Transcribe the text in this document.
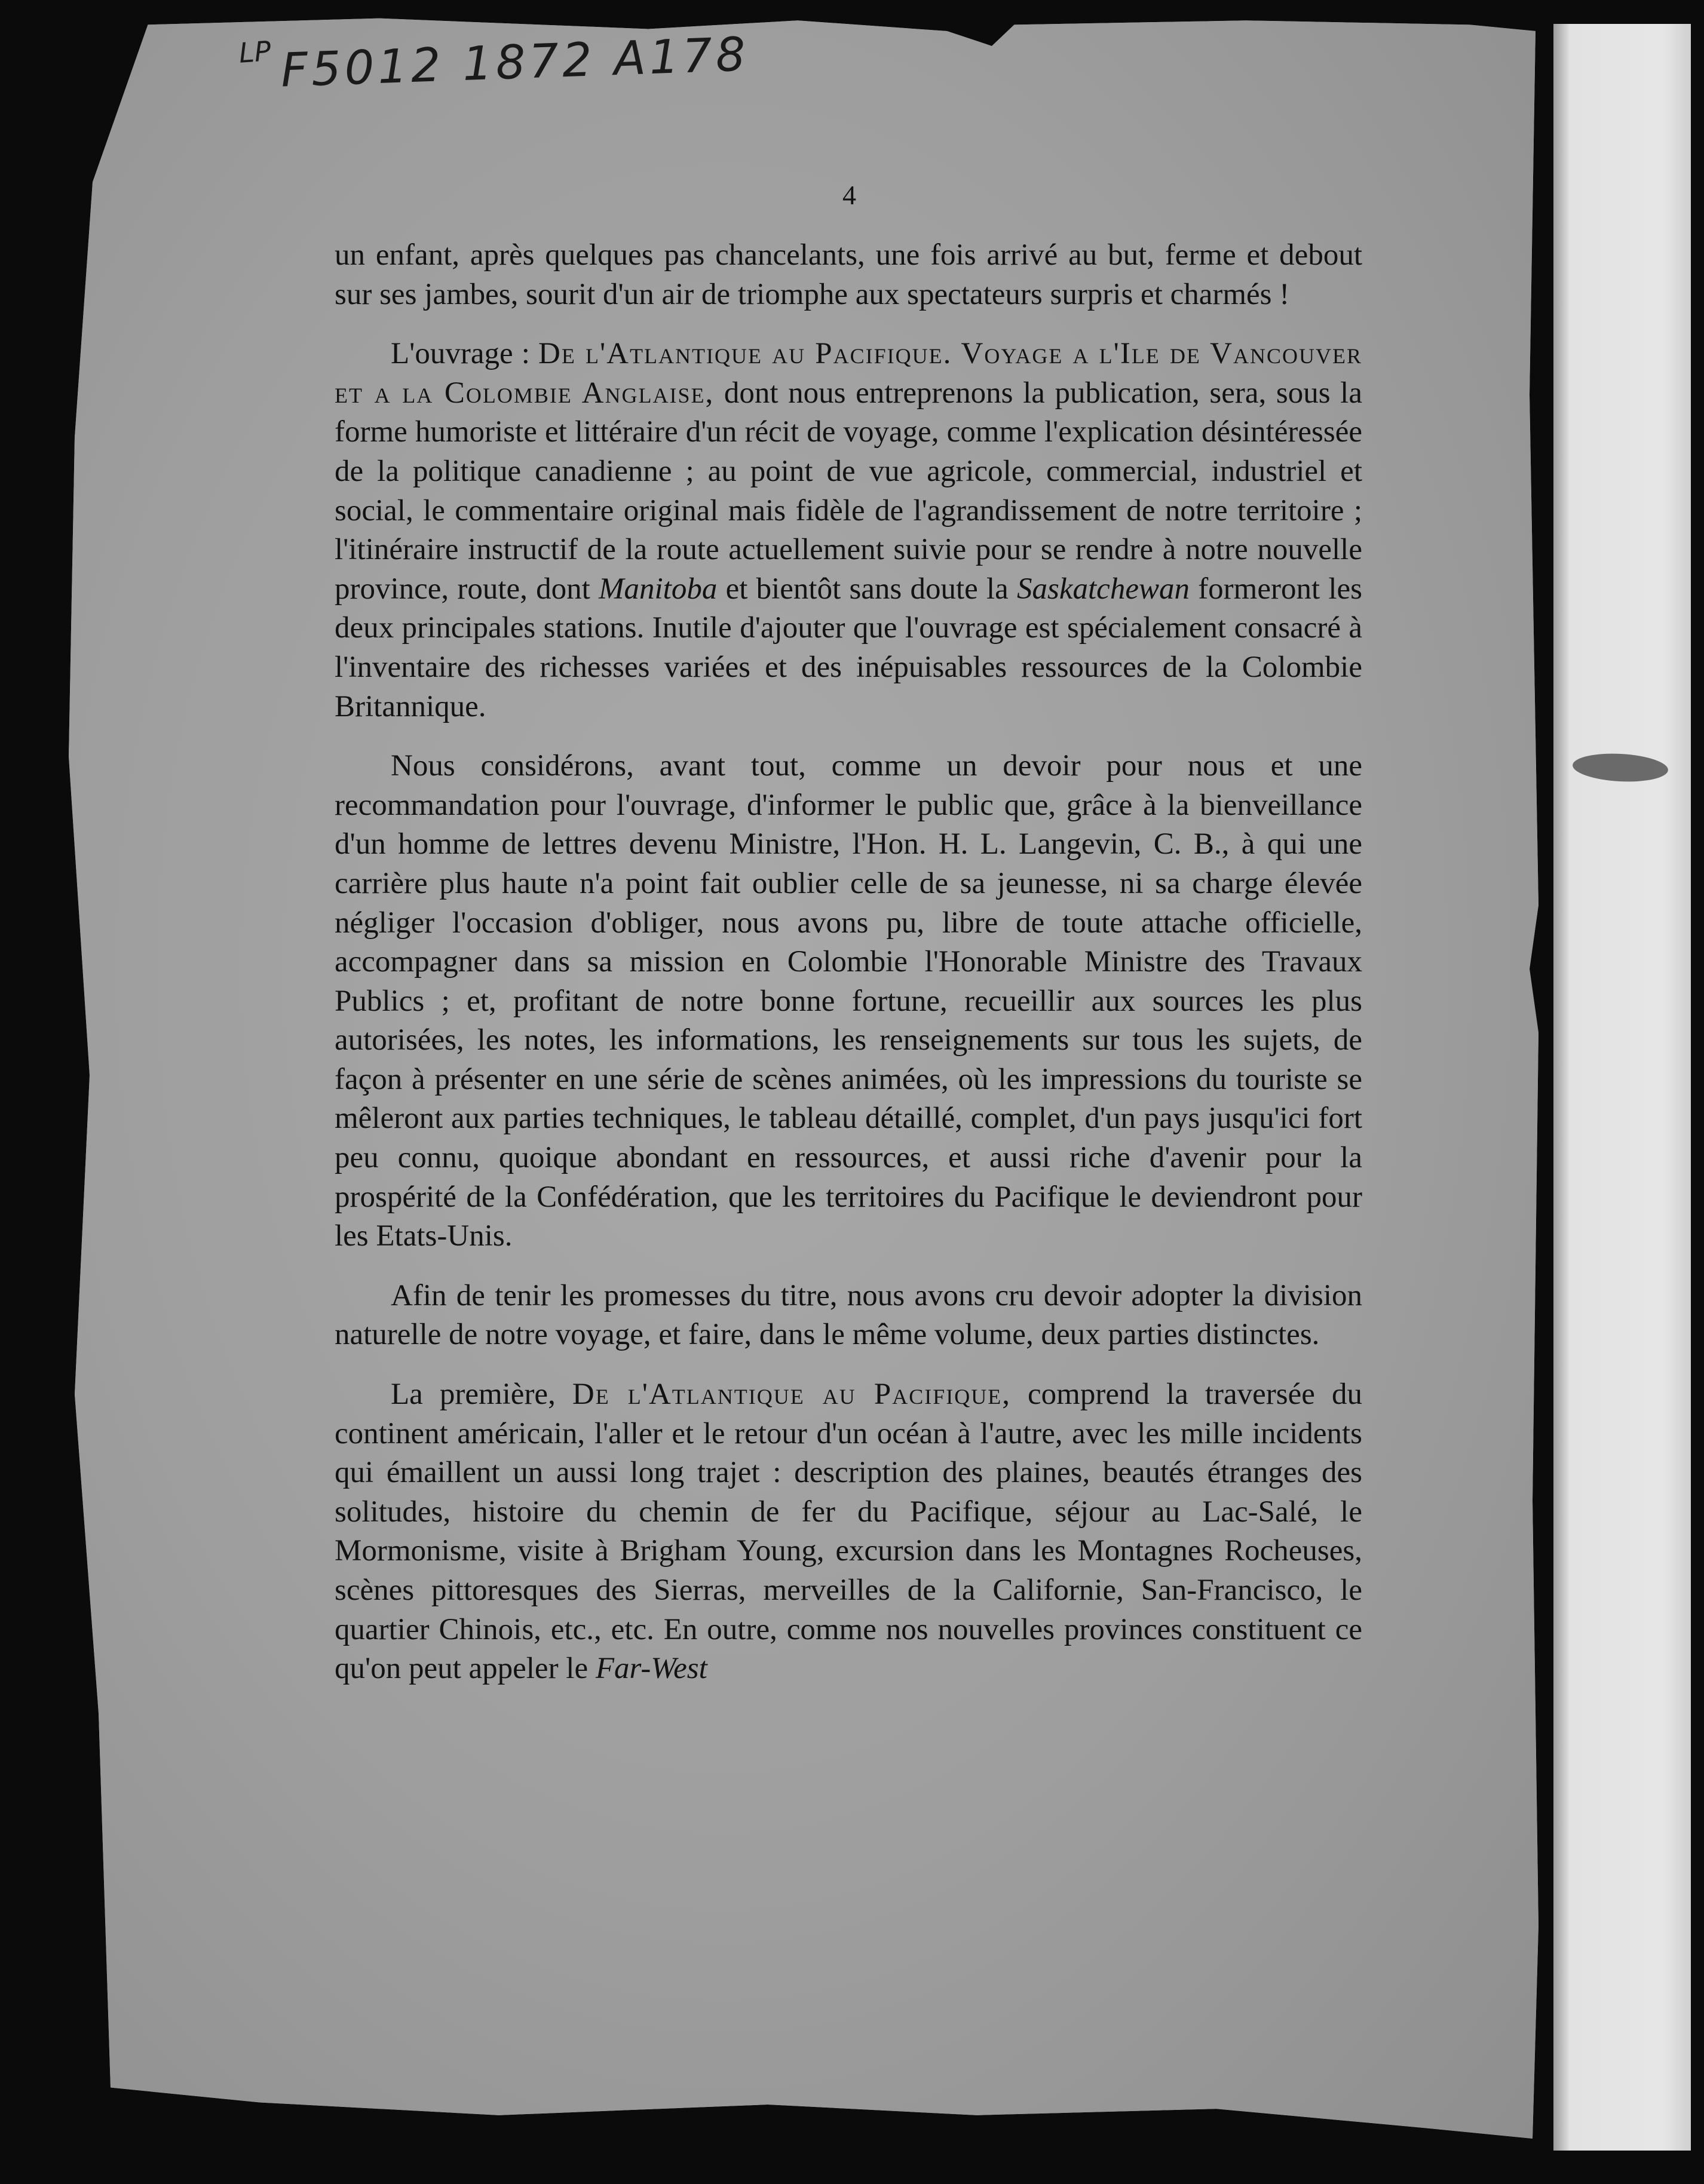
LP F5012 1872 A178
4

un enfant, après quelques pas chancelants, une fois arrivé au but, ferme et debout sur ses jambes, sourit d'un air de triomphe aux spectateurs surpris et charmés !

L'ouvrage : De l'Atlantique au Pacifique. Voyage a l'Ile de Vancouver et a la Colombie Anglaise, dont nous entreprenons la publication, sera, sous la forme humoriste et littéraire d'un récit de voyage, comme l'explication désintéressée de la politique canadienne ; au point de vue agricole, commercial, industriel et social, le commentaire original mais fidèle de l'agrandissement de notre territoire ; l'itinéraire instructif de la route actuellement suivie pour se rendre à notre nouvelle province, route, dont Manitoba et bientôt sans doute la Saskatchewan formeront les deux principales stations. Inutile d'ajouter que l'ouvrage est spécialement consacré à l'inventaire des richesses variées et des inépuisables ressources de la Colombie Britannique.

Nous considérons, avant tout, comme un devoir pour nous et une recommandation pour l'ouvrage, d'informer le public que, grâce à la bienveillance d'un homme de lettres devenu Ministre, l'Hon. H. L. Langevin, C. B., à qui une carrière plus haute n'a point fait oublier celle de sa jeunesse, ni sa charge élevée négliger l'occasion d'obliger, nous avons pu, libre de toute attache officielle, accompagner dans sa mission en Colombie l'Honorable Ministre des Travaux Publics ; et, profitant de notre bonne fortune, recueillir aux sources les plus autorisées, les notes, les informations, les renseignements sur tous les sujets, de façon à présenter en une série de scènes animées, où les impressions du touriste se mêleront aux parties techniques, le tableau détaillé, complet, d'un pays jusqu'ici fort peu connu, quoique abondant en ressources, et aussi riche d'avenir pour la prospérité de la Confédération, que les territoires du Pacifique le deviendront pour les Etats-Unis.

Afin de tenir les promesses du titre, nous avons cru devoir adopter la division naturelle de notre voyage, et faire, dans le même volume, deux parties distinctes.

La première, De l'Atlantique au Pacifique, comprend la traversée du continent américain, l'aller et le retour d'un océan à l'autre, avec les mille incidents qui émaillent un aussi long trajet : description des plaines, beautés étranges des solitudes, histoire du chemin de fer du Pacifique, séjour au Lac-Salé, le Mormonisme, visite à Brigham Young, excursion dans les Montagnes Rocheuses, scènes pittoresques des Sierras, merveilles de la Californie, San-Francisco, le quartier Chinois, etc., etc. En outre, comme nos nouvelles provinces constituent ce qu'on peut appeler le Far-West
